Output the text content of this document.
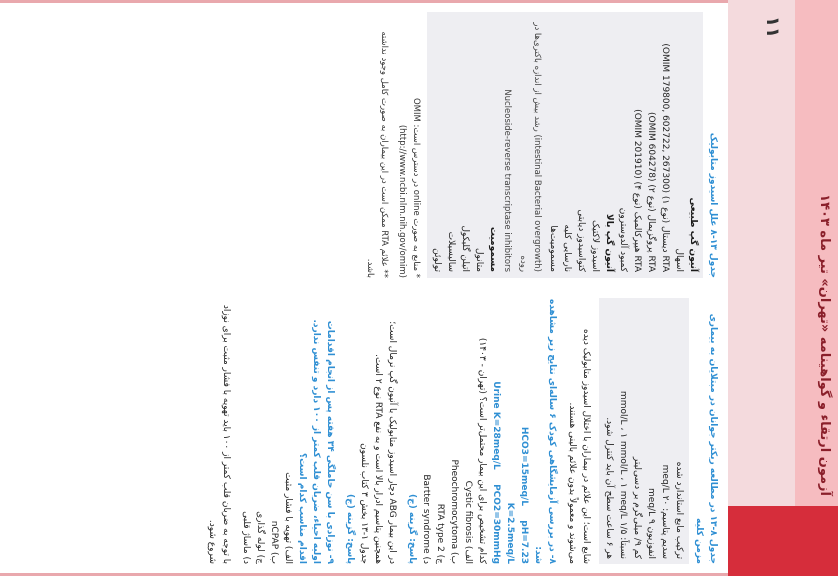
آزمون ارتقاء و گواهینامه «تهران» تیر ماه ۱۴۰۳
۱۱
جدول ۸-۱۳ در مطالعه ریکتر جوانان در مبتلایان به بیماری مزمن کلیه
ترکیب مایع استاندارد شده
سدیم پتاسیم: ۲۰ meq/L
انفوزیون ۹ meq/L
کم ۹/ میلی‌گرم بر دسی‌لیتر
نسبتاً: ۱/۵ mmol/L ، ۱ mmol/L ، ۱ meq/L
هر ۶ ساعت سطح آن باید کنترل شود.
شایع است؛ این علائم در بیماران با اختلال اسیدوز متابولیک دیده می‌شوند و معمولاً بدون علائم بالینی هستند.
۸- در بررسی آزمایشگاهی کودک ۶ ساله‌ای نتایج زیر مشاهده شد:
HCO3=15meq/L     pH=7.23
K=2.5meq/L
Urine K=28meq/L     PCO2=30mmHg
کدام تشخیص برای این بیمار محتمل‌تر است؟ (تهران - ۱۴۰۳)
الف) Cystic fibrosis
ب) Pheochromocytoma
ج) RTA type 2
د) Bartter syndrome
پاسخ: گزینه (ج)
در این بیمار ABG دچار اسیدوز متابولیک با آنیون گپ نرمال است؛ همچنین پتاسیم ادرار بالا است و به نفع RTA نوع ۲ است.
جدول ۱-۱۳ بخش ۳ کتاب نلسون
پاسخ: گزینه (ج)
۹- نوزادی با سن حاملگی ۳۴ هفته پس از انجام اقدامات اولیه احیاء، ضربان قلب کمتر از ۱۰۰ دارد و تنفس ندارد. اقدام مناسب کدام است؟
الف) تهویه با فشار مثبت
ب) nCPAP
ج) لوله گذاری
د) ماساژ قلبی
با توجه به ضربان قلب کمتر از ۱۰۰ باید تهویه با فشار مثبت برای نوزاد شروع شود.
جدول ۱۳-۸ علل اسیدوز متابولیک
آنیون گپ طبیعی
اسهال
RTA دیستال (نوع ۱) (OMIM 179800, 602722, 267300)
RTA پروگزیمال (نوع ۲) (OMIM 604278)
RTA هیپرکالمیک (نوع ۴) (OMIM 201910)
کمبود آلدوسترون
آنیون گپ بالا
اسیدوز لاکتیک
کتواسیدوز دیابتی
نارسایی کلیه
مسمومیت‌ها
(intestinal Bacterial overgrowth) رشد بیش از اندازه باکتری‌ها در روده
Nucleoside-reverse transcriptase inhibitors
مسمومیت
متانول
اتیلن گلیکول
سالیسیلات
تولوئن
* منابع به صورت online در دسترس است: OMIM (http://www.ncbi.nlm.nih.gov/omim)
** علائم RTA ممکن است در این بیماران به صورت کامل وجود نداشته باشد.
